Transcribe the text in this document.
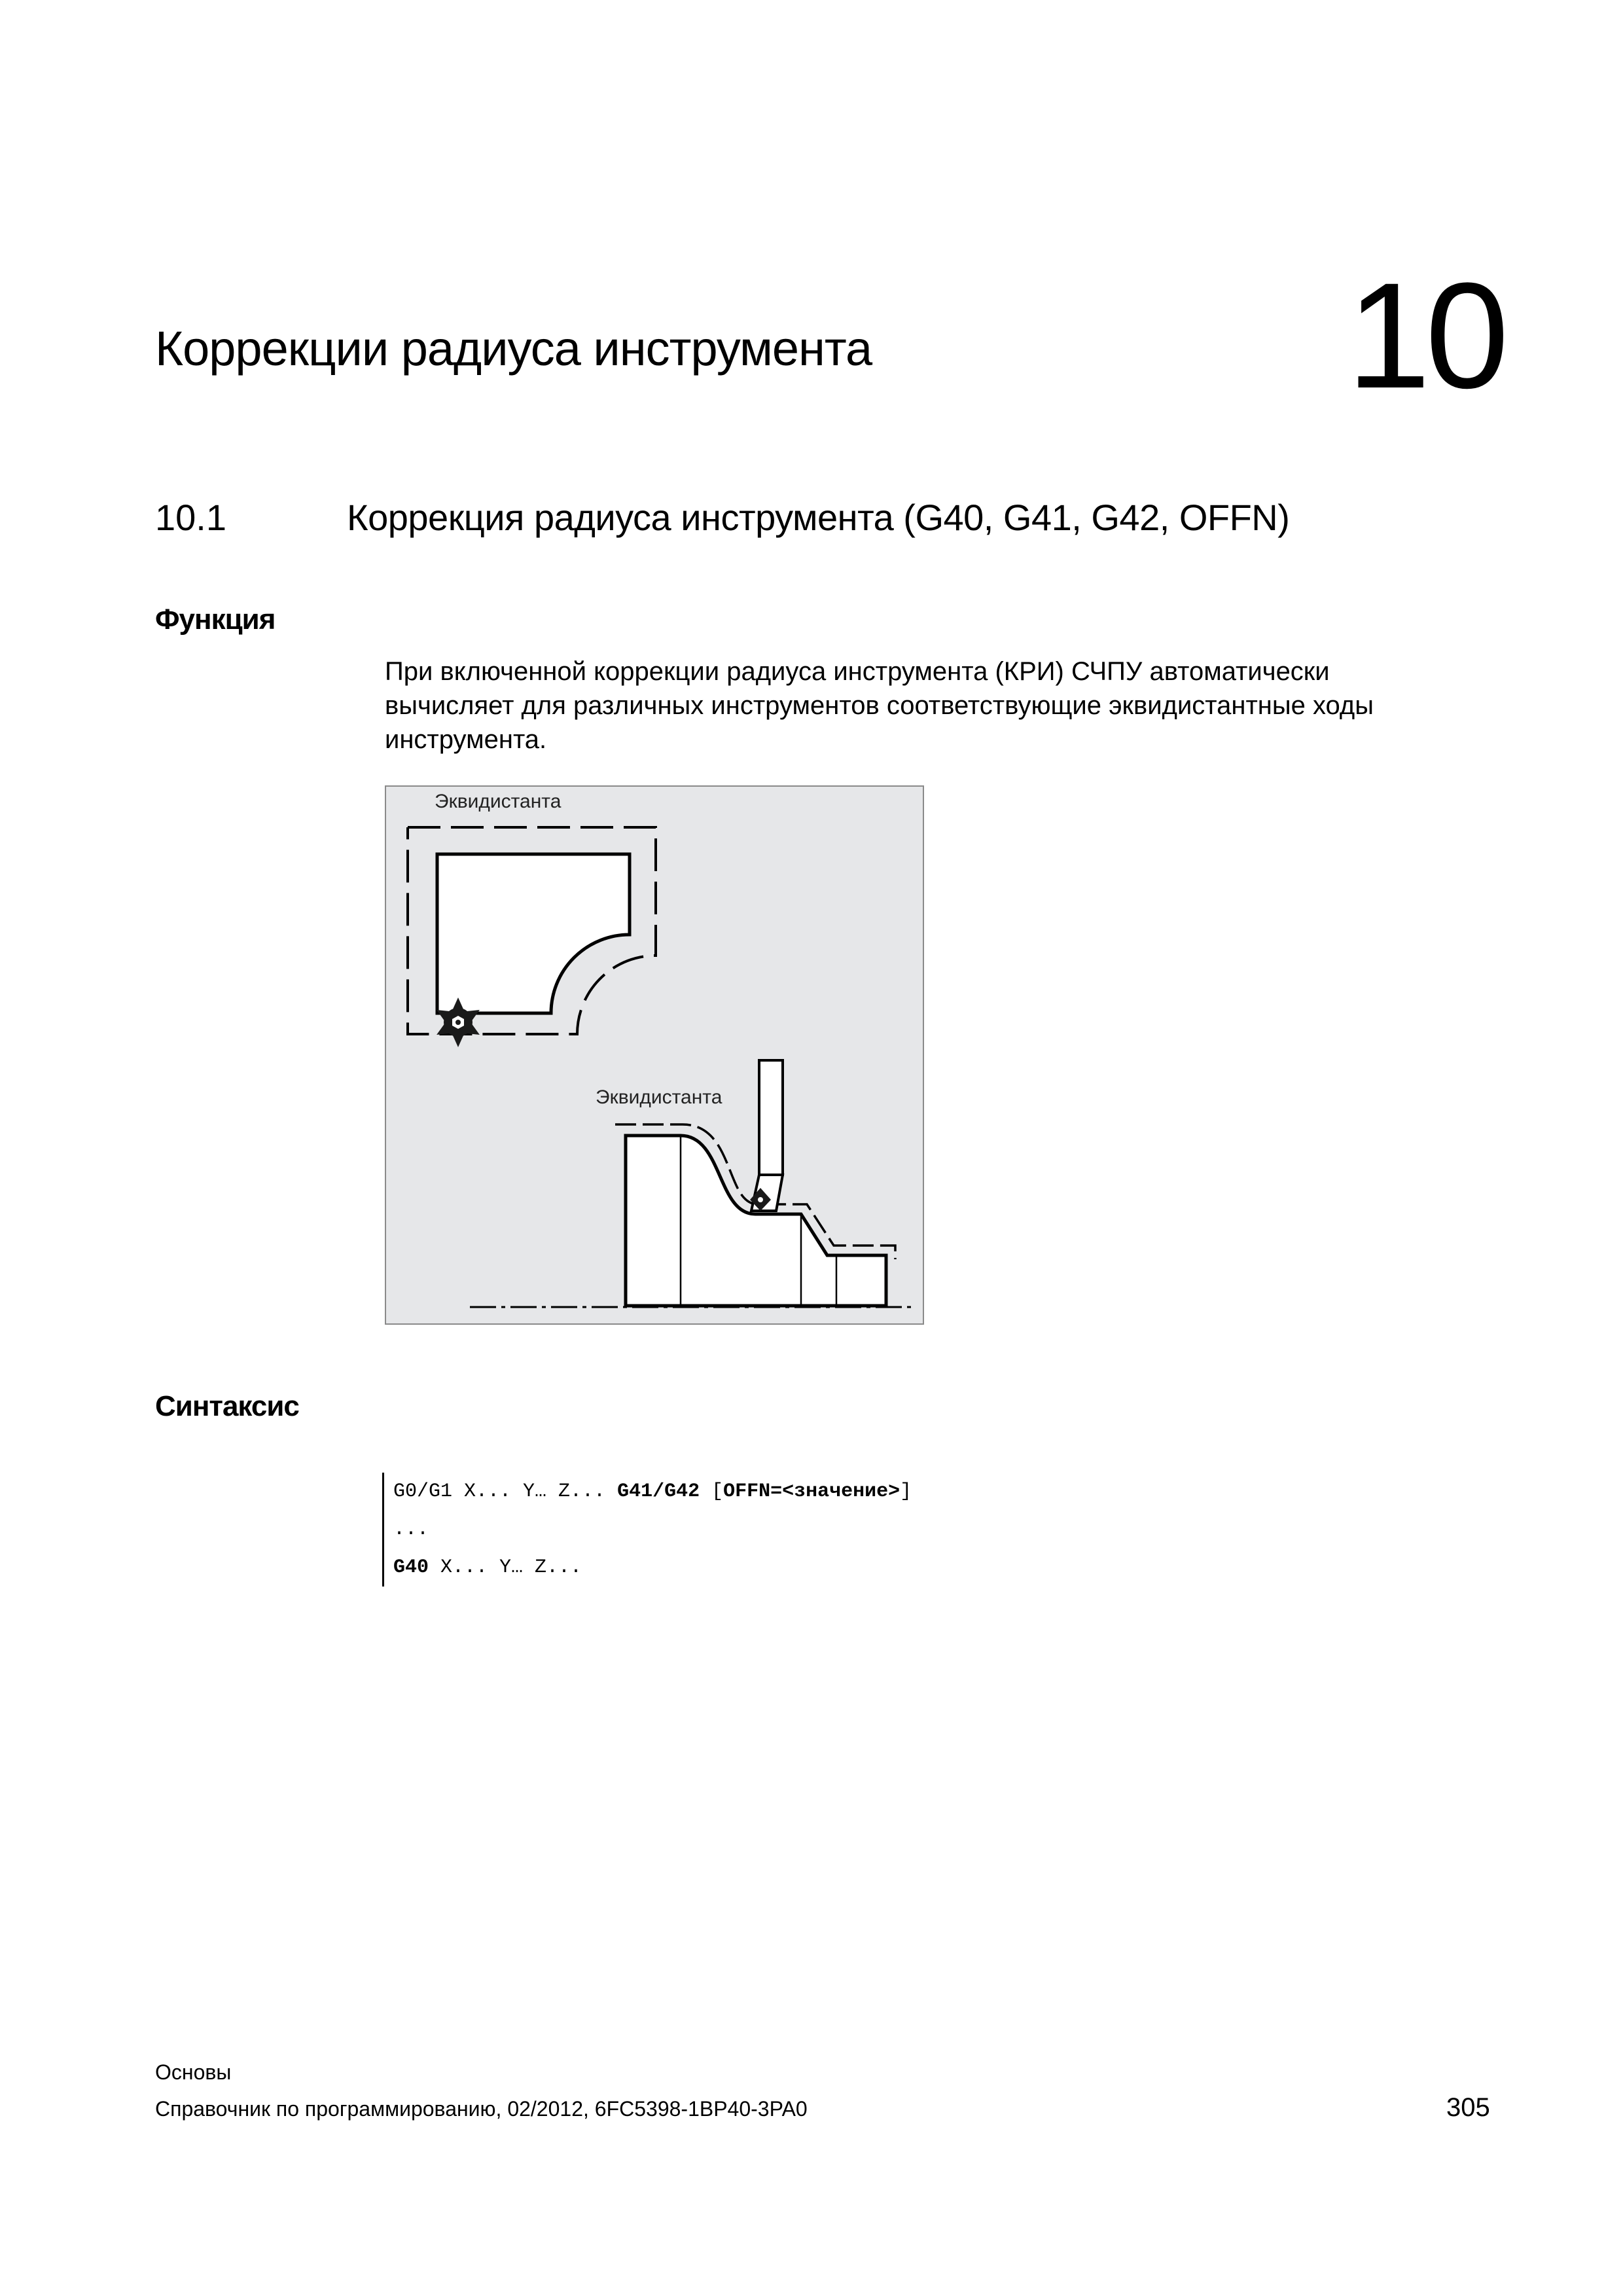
Коррекции радиуса инструмента	10
10.1	Коррекция радиуса инструмента (G40, G41, G42, OFFN)
Функция

При включенной коррекции радиуса инструмента (КРИ) СЧПУ автоматически

вычисляет для различных инструментов соответствующие эквидистантные ходы

инструмента.

Эквидистанта
Эквидистанта
Синтаксис
G0/G1 X... Y… Z... G41/G42 [OFFN=<значение>]
...
G40 X... Y… Z...
Основы
Справочник по программированию, 02/2012, 6FC5398-1BP40-3PA0	305
